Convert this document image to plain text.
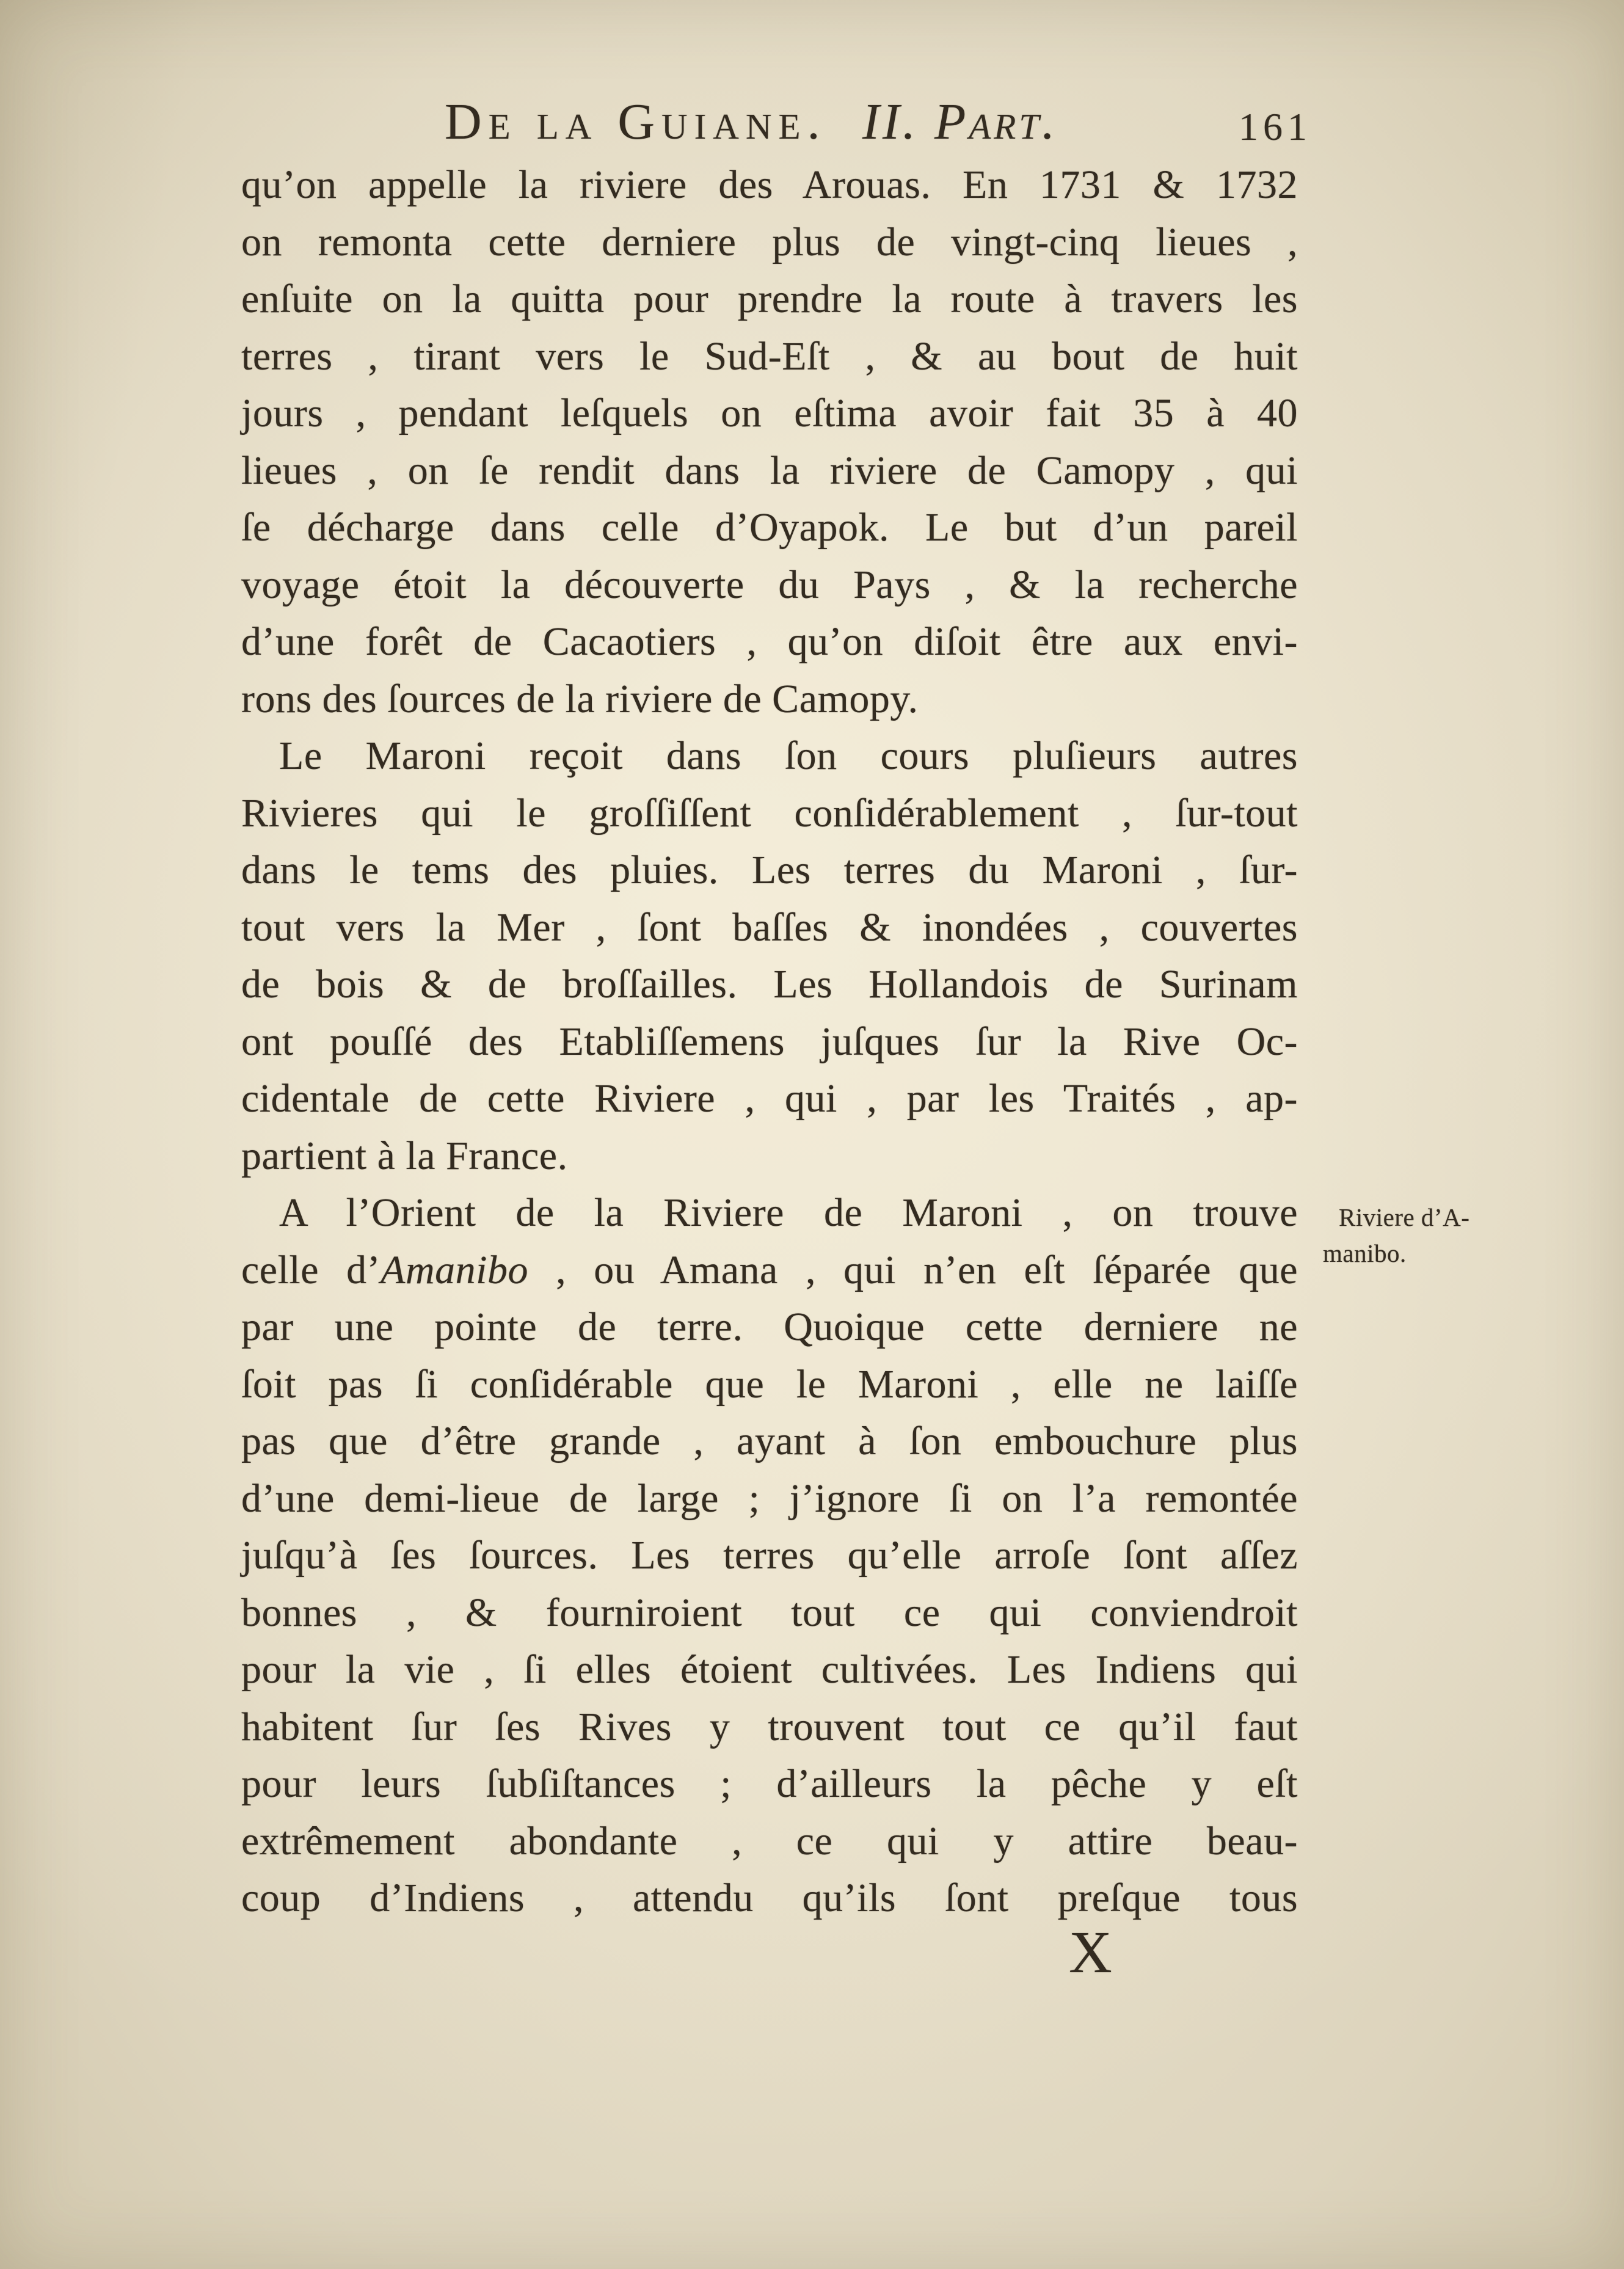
De la Guiane. II. Part.	161
qu’on appelle la riviere des Arouas. En 1731 & 1732
on remonta cette derniere plus de vingt-cinq lieues ,
enſuite on la quitta pour prendre la route à travers les
terres , tirant vers le Sud-Eſt , & au bout de huit
jours , pendant leſquels on eſtima avoir fait 35 à 40
lieues , on ſe rendit dans la riviere de Camopy , qui
ſe décharge dans celle d’Oyapok. Le but d’un pareil
voyage étoit la découverte du Pays , & la recherche
d’une forêt de Cacaotiers , qu’on diſoit être aux envi-
rons des ſources de la riviere de Camopy.
Le Maroni reçoit dans ſon cours pluſieurs autres
Rivieres qui le groſſiſſent conſidérablement , ſur-tout
dans le tems des pluies. Les terres du Maroni , ſur-
tout vers la Mer , ſont baſſes & inondées , couvertes
de bois & de broſſailles. Les Hollandois de Surinam
ont pouſſé des Etabliſſemens juſques ſur la Rive Oc-
cidentale de cette Riviere , qui , par les Traités , ap-
partient à la France.
A l’Orient de la Riviere de Maroni , on trouve
celle d’Amanibo , ou Amana , qui n’en eſt ſéparée que
par une pointe de terre. Quoique cette derniere ne
ſoit pas ſi conſidérable que le Maroni , elle ne laiſſe
pas que d’être grande , ayant à ſon embouchure plus
d’une demi-lieue de large ; j’ignore ſi on l’a remontée
juſqu’à ſes ſources. Les terres qu’elle arroſe ſont aſſez
bonnes , & fourniroient tout ce qui conviendroit
pour la vie , ſi elles étoient cultivées. Les Indiens qui
habitent ſur ſes Rives y trouvent tout ce qu’il faut
pour leurs ſubſiſtances ; d’ailleurs la pêche y eſt
extrêmement abondante , ce qui y attire beau-
coup d’Indiens , attendu qu’ils ſont preſque tous
Riviere d’A-
manibo.
X
